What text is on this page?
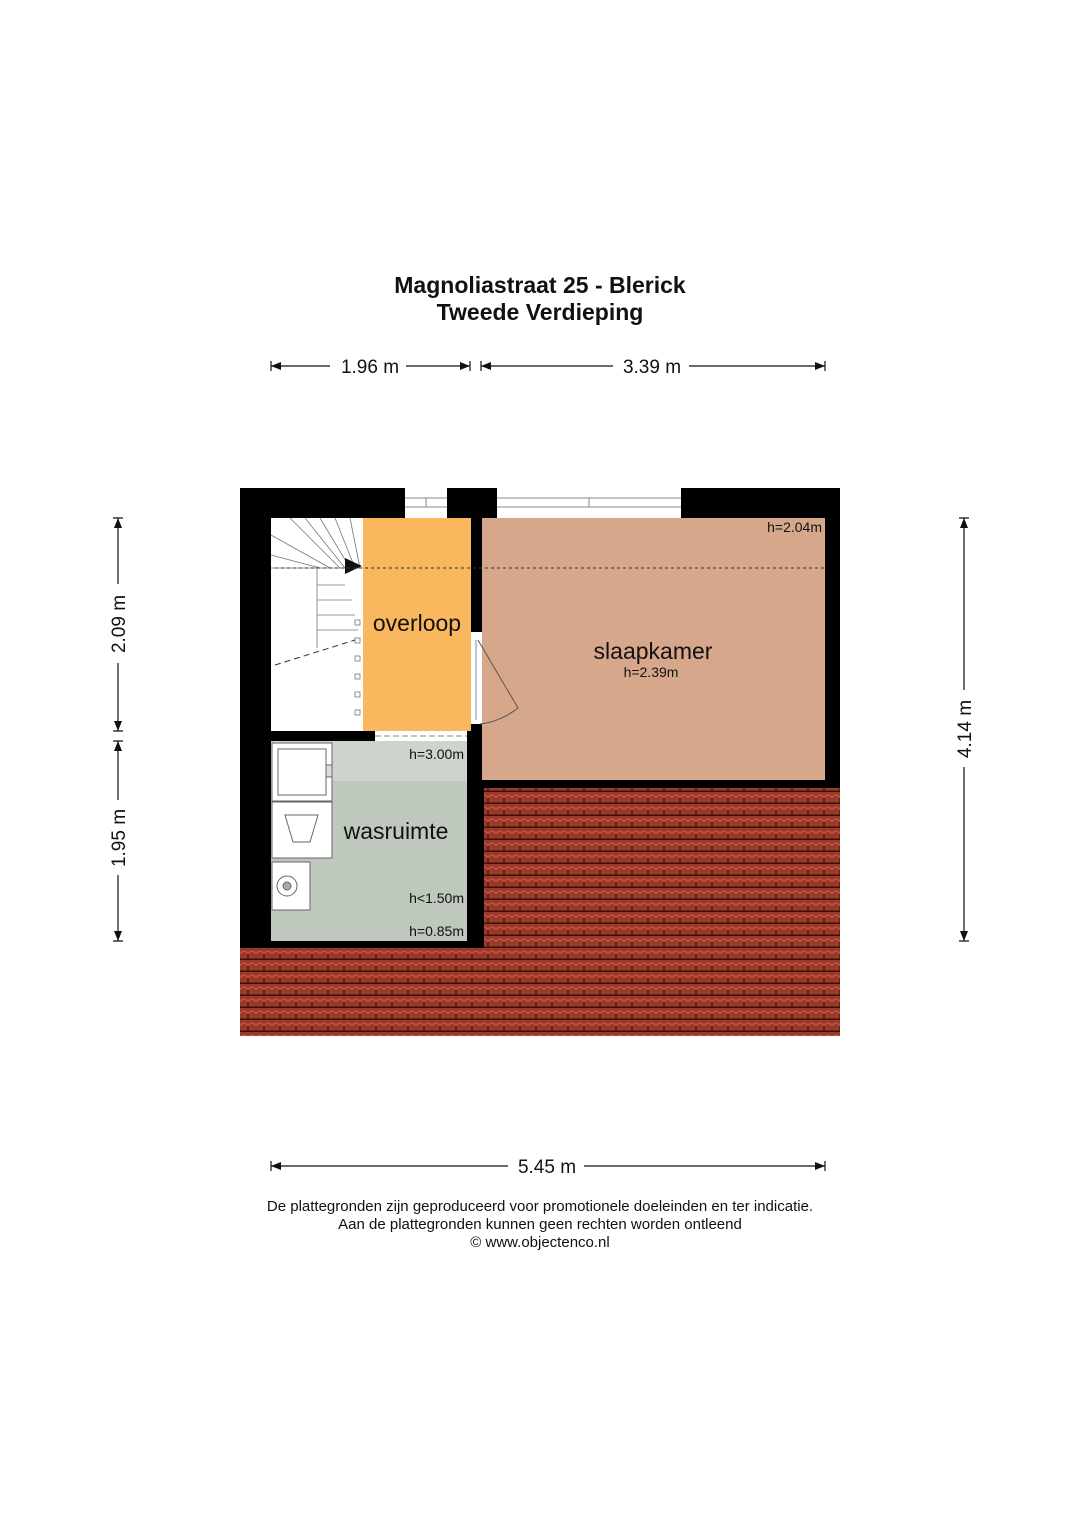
Magnoliastraat 25 - Blerick
Tweede Verdieping
overloop
slaapkamer
h=2.39m
h=2.04m
wasruimte
h=3.00m
h<1.50m
h=0.85m
1.96 m	3.39 m
2.09 m
1.95 m
4.14 m
5.45 m
De plattegronden zijn geproduceerd voor promotionele doeleinden en ter indicatie.
Aan de plattegronden kunnen geen rechten worden ontleend
© www.objectenco.nl
